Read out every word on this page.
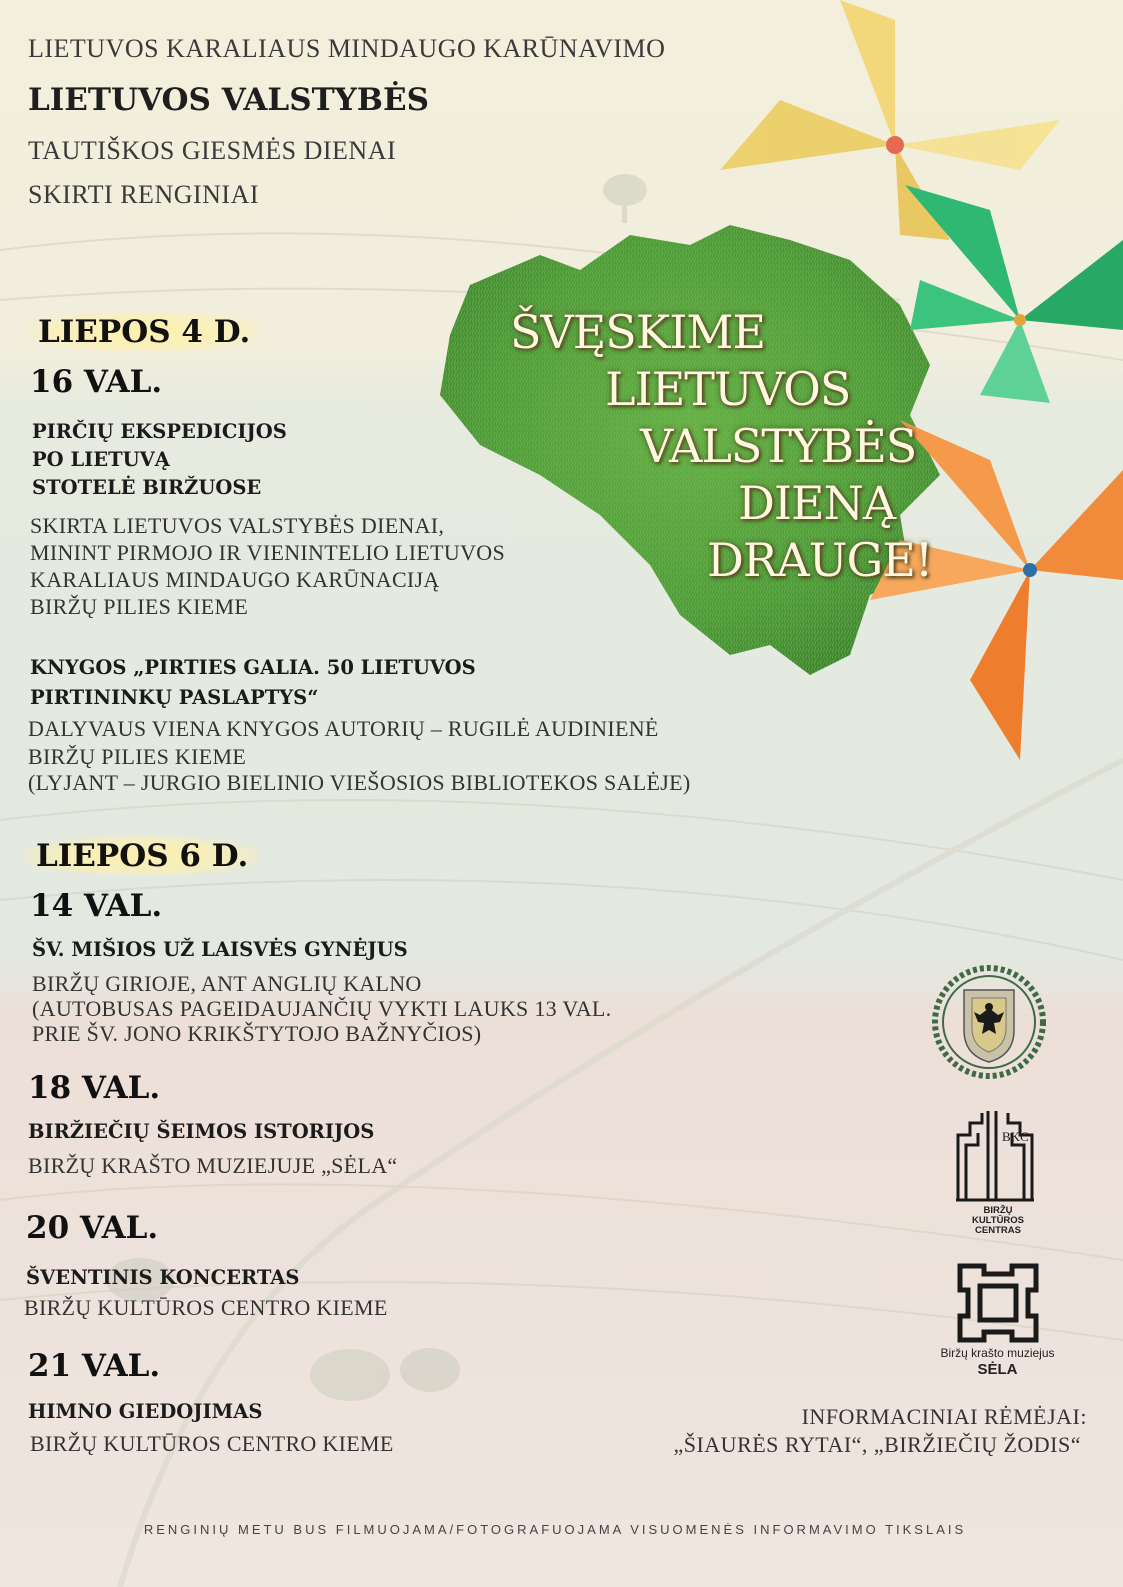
LIETUVOS KARALIAUS MINDAUGO KARŪNAVIMO
LIETUVOS VALSTYBĖS
TAUTIŠKOS GIESMĖS DIENAI
SKIRTI RENGINIAI
ŠVĘSKIME
LIETUVOS
VALSTYBĖS
DIENĄ
DRAUGE!
LIEPOS 4 D.
16 VAL.
PIRČIŲ EKSPEDICIJOS
PO LIETUVĄ
STOTELĖ BIRŽUOSE
SKIRTA LIETUVOS VALSTYBĖS DIENAI,
MININT PIRMOJO IR VIENINTELIO LIETUVOS
KARALIAUS MINDAUGO KARŪNACIJĄ
BIRŽŲ PILIES KIEME
KNYGOS „PIRTIES GALIA. 50 LIETUVOS
PIRTININKŲ PASLAPTYS“
DALYVAUS VIENA KNYGOS AUTORIŲ – RUGILĖ AUDINIENĖ
BIRŽŲ PILIES KIEME
(LYJANT – JURGIO BIELINIO VIEŠOSIOS BIBLIOTEKOS SALĖJE)
LIEPOS 6 D.
14 VAL.
ŠV. MIŠIOS UŽ LAISVĖS GYNĖJUS
BIRŽŲ GIRIOJE, ANT ANGLIŲ KALNO
(AUTOBUSAS PAGEIDAUJANČIŲ VYKTI LAUKS 13 VAL.
PRIE ŠV. JONO KRIKŠTYTOJO BAŽNYČIOS)
18 VAL.
BIRŽIEČIŲ ŠEIMOS ISTORIJOS
BIRŽŲ KRAŠTO MUZIEJUJE „SĖLA“
20 VAL.
ŠVENTINIS KONCERTAS
BIRŽŲ KULTŪROS CENTRO KIEME
21 VAL.
HIMNO GIEDOJIMAS
BIRŽŲ KULTŪROS CENTRO KIEME
BKC
BIRŽŲ
KULTŪROS
CENTRAS
Biržų krašto muziejus
SĖLA
INFORMACINIAI RĖMĖJAI:
„ŠIAURĖS RYTAI“, „BIRŽIEČIŲ ŽODIS“
RENGINIŲ METU BUS FILMUOJAMA/FOTOGRAFUOJAMA VISUOMENĖS INFORMAVIMO TIKSLAIS
